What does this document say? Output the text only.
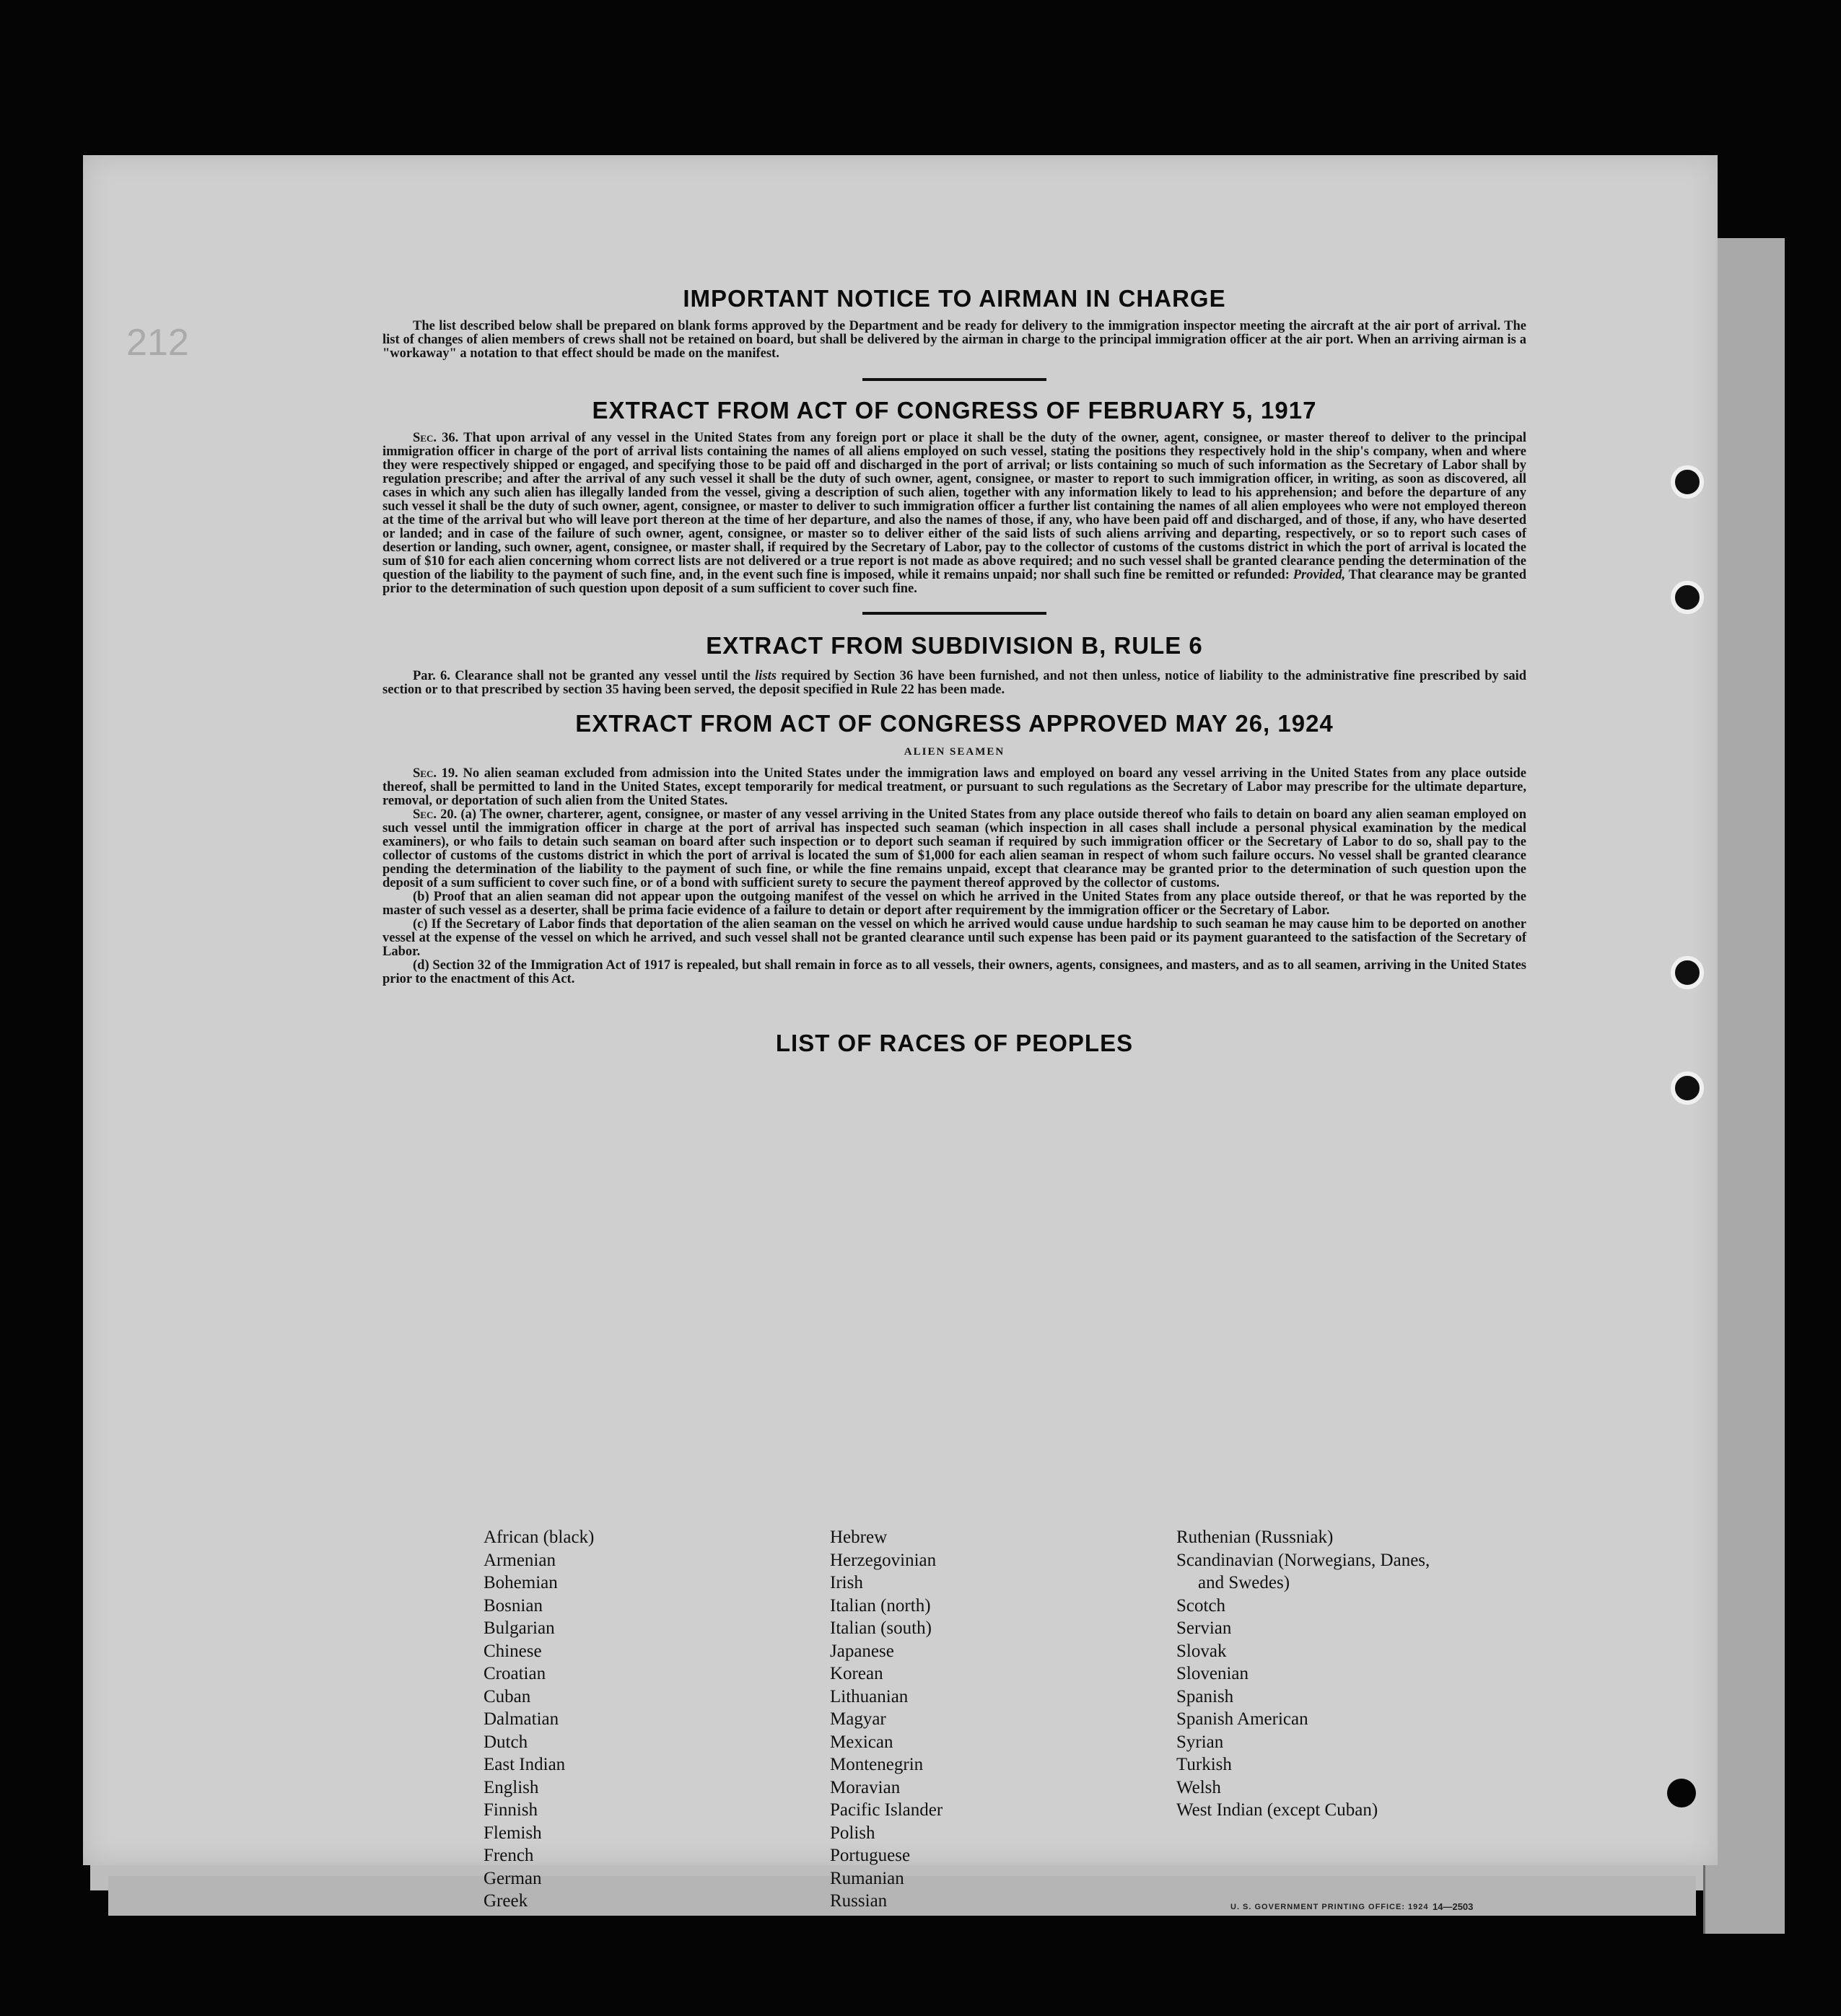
212
IMPORTANT NOTICE TO AIRMAN IN CHARGE

The list described below shall be prepared on blank forms approved by the Department and be ready for delivery to the immigration inspector meeting the aircraft at the air port of arrival. The list of changes of alien members of crews shall not be retained on board, but shall be delivered by the airman in charge to the principal immigration officer at the air port. When an arriving airman is a "workaway" a notation to that effect should be made on the manifest.

EXTRACT FROM ACT OF CONGRESS OF FEBRUARY 5, 1917

Sec. 36. That upon arrival of any vessel in the United States from any foreign port or place it shall be the duty of the owner, agent, consignee, or master thereof to deliver to the principal immigration officer in charge of the port of arrival lists containing the names of all aliens employed on such vessel, stating the positions they respectively hold in the ship's company, when and where they were respectively shipped or engaged, and specifying those to be paid off and discharged in the port of arrival; or lists containing so much of such information as the Secretary of Labor shall by regulation prescribe; and after the arrival of any such vessel it shall be the duty of such owner, agent, consignee, or master to report to such immigration officer, in writing, as soon as discovered, all cases in which any such alien has illegally landed from the vessel, giving a description of such alien, together with any information likely to lead to his apprehension; and before the departure of any such vessel it shall be the duty of such owner, agent, consignee, or master to deliver to such immigration officer a further list containing the names of all alien employees who were not employed thereon at the time of the arrival but who will leave port thereon at the time of her departure, and also the names of those, if any, who have been paid off and discharged, and of those, if any, who have deserted or landed; and in case of the failure of such owner, agent, consignee, or master so to deliver either of the said lists of such aliens arriving and departing, respectively, or so to report such cases of desertion or landing, such owner, agent, consignee, or master shall, if required by the Secretary of Labor, pay to the collector of customs of the customs district in which the port of arrival is located the sum of $10 for each alien concerning whom correct lists are not delivered or a true report is not made as above required; and no such vessel shall be granted clearance pending the determination of the question of the liability to the payment of such fine, and, in the event such fine is imposed, while it remains unpaid; nor shall such fine be remitted or refunded: Provided, That clearance may be granted prior to the determination of such question upon deposit of a sum sufficient to cover such fine.

EXTRACT FROM SUBDIVISION B, RULE 6

Par. 6. Clearance shall not be granted any vessel until the lists required by Section 36 have been furnished, and not then unless, notice of liability to the administrative fine prescribed by said section or to that prescribed by section 35 having been served, the deposit specified in Rule 22 has been made.

EXTRACT FROM ACT OF CONGRESS APPROVED MAY 26, 1924

ALIEN SEAMEN

Sec. 19. No alien seaman excluded from admission into the United States under the immigration laws and employed on board any vessel arriving in the United States from any place outside thereof, shall be permitted to land in the United States, except temporarily for medical treatment, or pursuant to such regulations as the Secretary of Labor may prescribe for the ultimate departure, removal, or deportation of such alien from the United States.

Sec. 20. (a) The owner, charterer, agent, consignee, or master of any vessel arriving in the United States from any place outside thereof who fails to detain on board any alien seaman employed on such vessel until the immigration officer in charge at the port of arrival has inspected such seaman (which inspection in all cases shall include a personal physical examination by the medical examiners), or who fails to detain such seaman on board after such inspection or to deport such seaman if required by such immigration officer or the Secretary of Labor to do so, shall pay to the collector of customs of the customs district in which the port of arrival is located the sum of $1,000 for each alien seaman in respect of whom such failure occurs. No vessel shall be granted clearance pending the determination of the liability to the payment of such fine, or while the fine remains unpaid, except that clearance may be granted prior to the determination of such question upon the deposit of a sum sufficient to cover such fine, or of a bond with sufficient surety to secure the payment thereof approved by the collector of customs.

(b) Proof that an alien seaman did not appear upon the outgoing manifest of the vessel on which he arrived in the United States from any place outside thereof, or that he was reported by the master of such vessel as a deserter, shall be prima facie evidence of a failure to detain or deport after requirement by the immigration officer or the Secretary of Labor.

(c) If the Secretary of Labor finds that deportation of the alien seaman on the vessel on which he arrived would cause undue hardship to such seaman he may cause him to be deported on another vessel at the expense of the vessel on which he arrived, and such vessel shall not be granted clearance until such expense has been paid or its payment guaranteed to the satisfaction of the Secretary of Labor.

(d) Section 32 of the Immigration Act of 1917 is repealed, but shall remain in force as to all vessels, their owners, agents, consignees, and masters, and as to all seamen, arriving in the United States prior to the enactment of this Act.

LIST OF RACES OF PEOPLES
African (black)
Armenian
Bohemian
Bosnian
Bulgarian
Chinese
Croatian
Cuban
Dalmatian
Dutch
East Indian
English
Finnish
Flemish
French
German
Greek
Hebrew
Herzegovinian
Irish
Italian (north)
Italian (south)
Japanese
Korean
Lithuanian
Magyar
Mexican
Montenegrin
Moravian
Pacific Islander
Polish
Portuguese
Rumanian
Russian
Ruthenian (Russniak)
Scandinavian (Norwegians, Danes,
and Swedes)
Scotch
Servian
Slovak
Slovenian
Spanish
Spanish American
Syrian
Turkish
Welsh
West Indian (except Cuban)
U. S. GOVERNMENT PRINTING OFFICE: 1924 14—2503
